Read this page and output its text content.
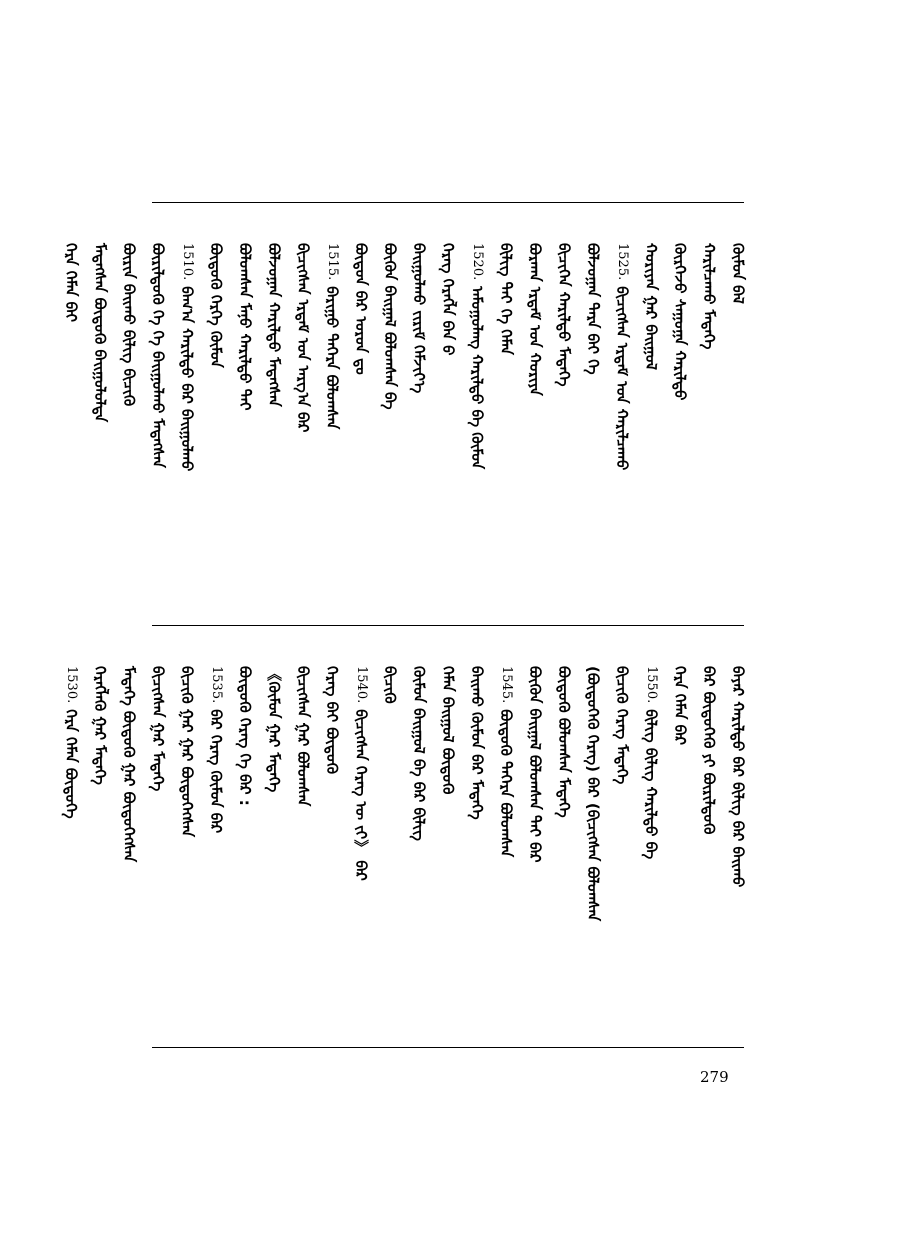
ᠬᠦᠮᠦᠨ ᠪᠡᠯ
ᠬᠠᠷᠢᠯᠴᠠᠬᠤ ᠮᠡᠳᠡᠭᠡ
ᠬᠦᠷᠭᠡᠵᠦ ᠰᠠᠭᠤᠭᠠ ᠬᠠᠷᠢᠯᠳᠤ
ᠬᠤᠷᠢᠶᠠᠨ ᠭᠠᠷ ᠪᠠᠢᠭᠤᠯ
1525.ᠪᠢᠴᠢᠭᠰᠡᠨ ᠡᠷᠳᠡᠮ ᠤᠨ ᠬᠠᠷᠢᠯᠴᠠᠬᠤ
ᠪᠤᠯᠵᠤᠭᠠᠨ ᠲᠡᠷᠡ ᠪᠠᠢ ᠭᠡ
ᠪᠢᠴᠢᠭᠡᠨ ᠬᠠᠷᠢᠯᠳᠤ ᠮᠡᠳᠡᠭᠡ
ᠪᠤᠷᠬᠠᠨ ᠡᠷᠳᠡᠮ ᠤᠨ ᠬᠤᠷᠢᠶᠠ
ᠪᠢᠯᠢᠭ ᠲᠠᠢ ᠭᠡ ᠬᠡᠮᠡᠨ
1520.ᠠᠮᠤᠭᠤᠯᠠᠩ ᠬᠠᠷᠢᠯᠳᠤ ᠪᠠ ᠬᠦᠮᠦᠨ
ᠬᠡᠷᠡᠭ ᠬᠡᠷᠡᠭᠯᠡ ᠪᠡᠨ ᠪ
ᠪᠠᠢᠭᠤᠯᠬᠤ ᠵᠢᠷᠢᠮ ᠬᠡᠮᠵᠢᠶ᠎ᠡ
ᠪᠦᠬᠦᠨ ᠪᠠᠢᠭᠠᠯ ᠪᠤᠯᠤᠭᠰᠠᠨ ᠪᠠ
ᠪᠦᠲᠦᠨ ᠪᠡᠷ ᠤᠷᠤᠨ ᠳᠤ
1515.ᠪᠠᠷᠢᠭᠤ ᠳᠡᠭᠡᠷᠡ ᠪᠤᠯᠤᠭᠰᠠᠨ
ᠪᠢᠴᠢᠭᠰᠡᠨ ᠡᠷᠳᠡᠮ ᠤᠨ ᠠᠷᠭ᠎ᠠ ᠪᠠᠷ
ᠪᠤᠯᠵᠤᠭᠠᠨ ᠬᠠᠷᠢᠯᠳᠤ ᠮᠡᠳᠡᠭᠰᠡᠨ
ᠪᠤᠯᠤᠭᠰᠠᠨ ᠮᠠᠨᠤ ᠬᠠᠷᠢᠯᠳᠤ ᠲᠠᠢ
ᠪᠦᠲᠦᠬᠦ ᠬᠡᠷᠭᠡ ᠬᠦᠮᠦᠨ
1510.ᠪᠠᠭ᠎ᠠ ᠬᠠᠷᠢᠯᠳᠤ ᠪᠠᠷ ᠪᠠᠢᠭᠤᠯᠬᠤ
ᠪᠦᠷᠢᠯᠳᠦᠬᠦ ᠭᠡ ᠭᠡ ᠪᠠᠢᠭᠤᠯᠬᠤ ᠮᠡᠳᠡᠭᠰᠡᠨ
ᠪᠦᠷᠢᠨ ᠪᠠᠢᠬᠤ ᠪᠢᠯᠢᠭ ᠪᠢᠴᠢᠬᠦ
ᠮᠡᠳᠡᠭᠰᠡᠨ ᠪᠦᠲᠦᠬᠦ ᠪᠠᠢᠭᠤᠯᠤᠯᠲᠠ
ᠭᠡᠷᠡ ᠬᠡᠮᠡᠨ ᠪᠠᠢ
ᠪᠠᠶᠠᠷ ᠬᠠᠷᠢᠯᠳᠤ ᠪᠠᠷ ᠪᠢᠯᠢᠭ ᠪᠠᠷ ᠪᠠᠢᠬᠤ
ᠪᠠᠷ ᠪᠦᠲᠦᠭᠡᠬᠦ ᠶᠢ ᠪᠦᠷᠢᠯᠳᠦᠬᠦ
ᠭᠡᠷᠡ ᠬᠡᠮᠡᠨ ᠪᠠᠷ
1550.ᠪᠢᠯᠢᠭ ᠪᠢᠯᠢᠭ ᠬᠠᠷᠢᠯᠳᠤ ᠪᠠ
ᠪᠢᠴᠢᠬᠦ ᠬᠡᠷᠡᠭ ᠮᠡᠳᠡᠭᠡ
(ᠪᠦᠲᠦᠭᠡᠬᠦ ᠬᠡᠷᠡᠭ᠌) ᠪᠠᠷ (ᠪᠢᠴᠢᠭᠰᠡᠨ ᠪᠤᠯᠤᠭᠰᠠᠨ
ᠪᠦᠲᠦᠬᠦ ᠪᠤᠯᠤᠭᠰᠠᠨ ᠮᠡᠳᠡᠭᠡ
ᠪᠦᠬᠦᠨ ᠪᠠᠢᠭᠠᠯ ᠪᠤᠯᠤᠭᠰᠠᠨ ᠲᠠᠢ ᠪᠠᠷ
1545.ᠪᠦᠲᠦᠬᠦ ᠳᠡᠭᠡᠷᠡ ᠪᠤᠯᠤᠭᠰᠠᠨ
ᠪᠠᠢᠬᠤ ᠬᠦᠮᠦᠨ ᠪᠠᠷ ᠮᠡᠳᠡᠭᠡ
ᠬᠡᠮᠡᠨ ᠪᠠᠢᠭᠤᠯ ᠪᠦᠲᠦᠬᠦ
ᠬᠦᠮᠦᠨ ᠪᠠᠢᠭᠤᠯ ᠪᠠ ᠪᠠᠷ ᠪᠢᠯᠢᠭ
ᠪᠢᠴᠢᠬᠦ
1540.ᠪᠢᠴᠢᠭᠰᠡᠨ ᠬᠡᠷᠡᠭ ᠦ ᠵᠢ》 ᠪᠠᠷ
ᠬᠡᠷᠡᠭ ᠪᠠᠢ ᠪᠦᠲᠦᠬᠦ
ᠪᠢᠴᠢᠭᠰᠡᠨ ᠭᠠᠷ ᠪᠤᠯᠤᠭᠰᠠᠨ
《ᠬᠦᠮᠦᠨ ᠭᠠᠷ ᠮᠡᠳᠡᠭᠡ
ᠪᠦᠲᠦᠬᠦ ᠬᠡᠷᠡᠭ ᠭᠡ ᠪᠠᠷ :
1535.ᠪᠠᠷ ᠬᠡᠷᠡᠭ ᠬᠦᠮᠦᠨ ᠪᠠᠷ
ᠪᠢᠴᠢᠬᠦ ᠭᠠᠷ ᠭᠠᠷ ᠪᠦᠲᠦᠭᠡᠭᠰᠡᠨ
ᠪᠢᠴᠢᠭᠰᠡᠨ ᠭᠠᠷ ᠮᠡᠳᠡᠭᠡ
ᠮᠡᠳᠡᠭᠡ ᠪᠦᠲᠦᠬᠦ ᠭᠠᠷ ᠪᠦᠲᠦᠭᠡᠭᠰᠡᠨ
ᠬᠡᠷᠡᠭᠯᠡᠬᠦ ᠭᠠᠷ ᠮᠡᠳᠡᠭᠡ
1530.ᠭᠡᠷᠡ ᠬᠡᠮᠡᠨ ᠪᠦᠲᠦᠭᠡ
279
